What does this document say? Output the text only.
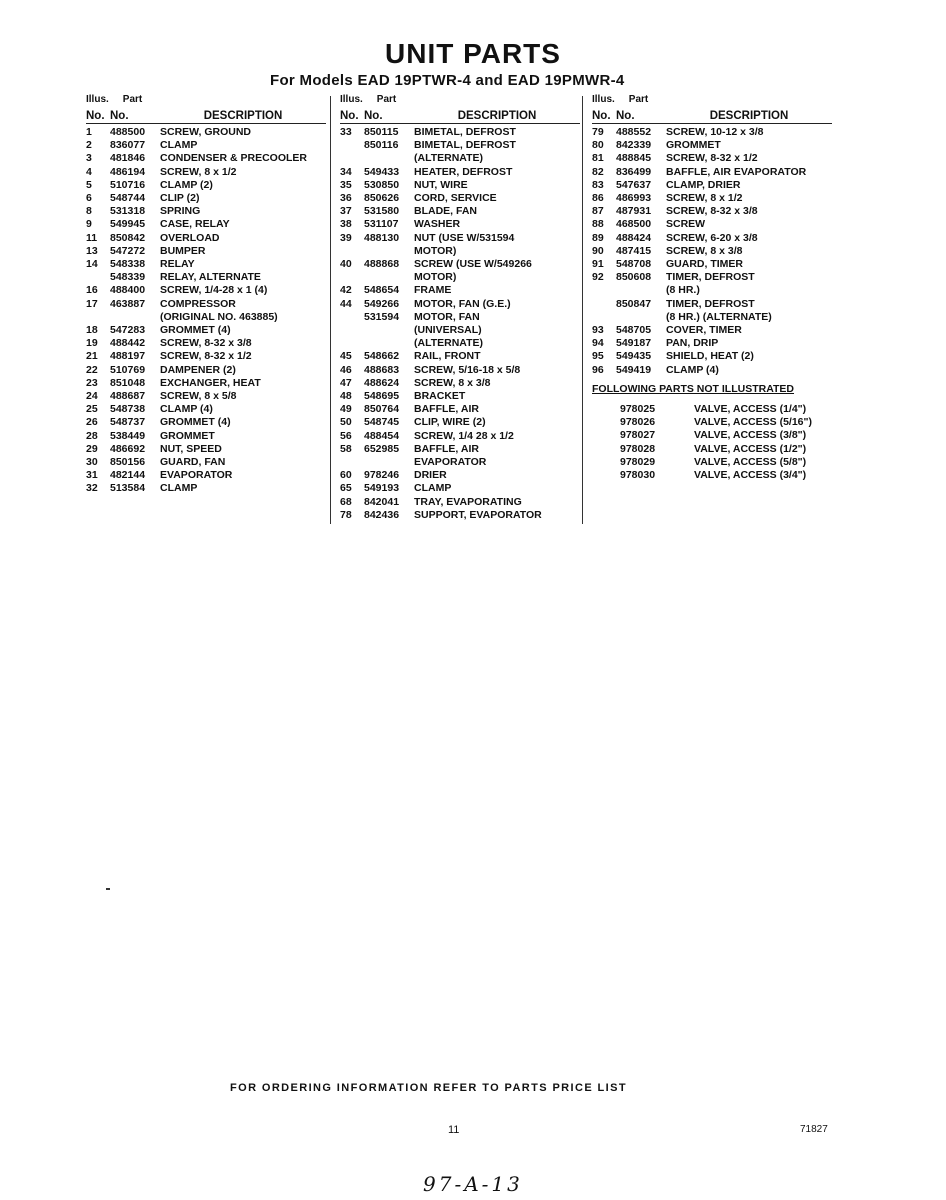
UNIT PARTS
For Models EAD 19PTWR-4 and EAD 19PMWR-4
Illus. Part
No. No.	DESCRIPTION
1	488500	SCREW, GROUND
2	836077	CLAMP
3	481846	CONDENSER & PRECOOLER
4	486194	SCREW, 8 x 1/2
5	510716	CLAMP (2)
6	548744	CLIP (2)
8	531318	SPRING
9	549945	CASE, RELAY
11	850842	OVERLOAD
13	547272	BUMPER
14	548338	RELAY
548339	RELAY, ALTERNATE
16	488400	SCREW, 1/4-28 x 1 (4)
17	463887	COMPRESSOR
(ORIGINAL NO. 463885)
18	547283	GROMMET (4)
19	488442	SCREW, 8-32 x 3/8
21	488197	SCREW, 8-32 x 1/2
22	510769	DAMPENER (2)
23	851048	EXCHANGER, HEAT
24	488687	SCREW, 8 x 5/8
25	548738	CLAMP (4)
26	548737	GROMMET (4)
28	538449	GROMMET
29	486692	NUT, SPEED
30	850156	GUARD, FAN
31	482144	EVAPORATOR
32	513584	CLAMP
Illus. Part
No. No.	DESCRIPTION
33	850115	BIMETAL, DEFROST
850116	BIMETAL, DEFROST
(ALTERNATE)
34	549433	HEATER, DEFROST
35	530850	NUT, WIRE
36	850626	CORD, SERVICE
37	531580	BLADE, FAN
38	531107	WASHER
39	488130	NUT (USE W/531594
MOTOR)
40	488868	SCREW (USE W/549266
MOTOR)
42	548654	FRAME
44	549266	MOTOR, FAN (G.E.)
531594	MOTOR, FAN
(UNIVERSAL)
(ALTERNATE)
45	548662	RAIL, FRONT
46	488683	SCREW, 5/16-18 x 5/8
47	488624	SCREW, 8 x 3/8
48	548695	BRACKET
49	850764	BAFFLE, AIR
50	548745	CLIP, WIRE (2)
56	488454	SCREW, 1/4 28 x 1/2
58	652985	BAFFLE, AIR
EVAPORATOR
60	978246	DRIER
65	549193	CLAMP
68	842041	TRAY, EVAPORATING
78	842436	SUPPORT, EVAPORATOR
Illus. Part
No. No.	DESCRIPTION
79	488552	SCREW, 10-12 x 3/8
80	842339	GROMMET
81	488845	SCREW, 8-32 x 1/2
82	836499	BAFFLE, AIR EVAPORATOR
83	547637	CLAMP, DRIER
86	486993	SCREW, 8 x 1/2
87	487931	SCREW, 8-32 x 3/8
88	468500	SCREW
89	488424	SCREW, 6-20 x 3/8
90	487415	SCREW, 8 x 3/8
91	548708	GUARD, TIMER
92	850608	TIMER, DEFROST
(8 HR.)
850847	TIMER, DEFROST
(8 HR.) (ALTERNATE)
93	548705	COVER, TIMER
94	549187	PAN, DRIP
95	549435	SHIELD, HEAT (2)
96	549419	CLAMP (4)
FOLLOWING PARTS NOT ILLUSTRATED
978025	VALVE, ACCESS (1/4")
978026	VALVE, ACCESS (5/16")
978027	VALVE, ACCESS (3/8")
978028	VALVE, ACCESS (1/2")
978029	VALVE, ACCESS (5/8")
978030	VALVE, ACCESS (3/4")
FOR ORDERING INFORMATION REFER TO PARTS PRICE LIST
11	71827
97-A-13
